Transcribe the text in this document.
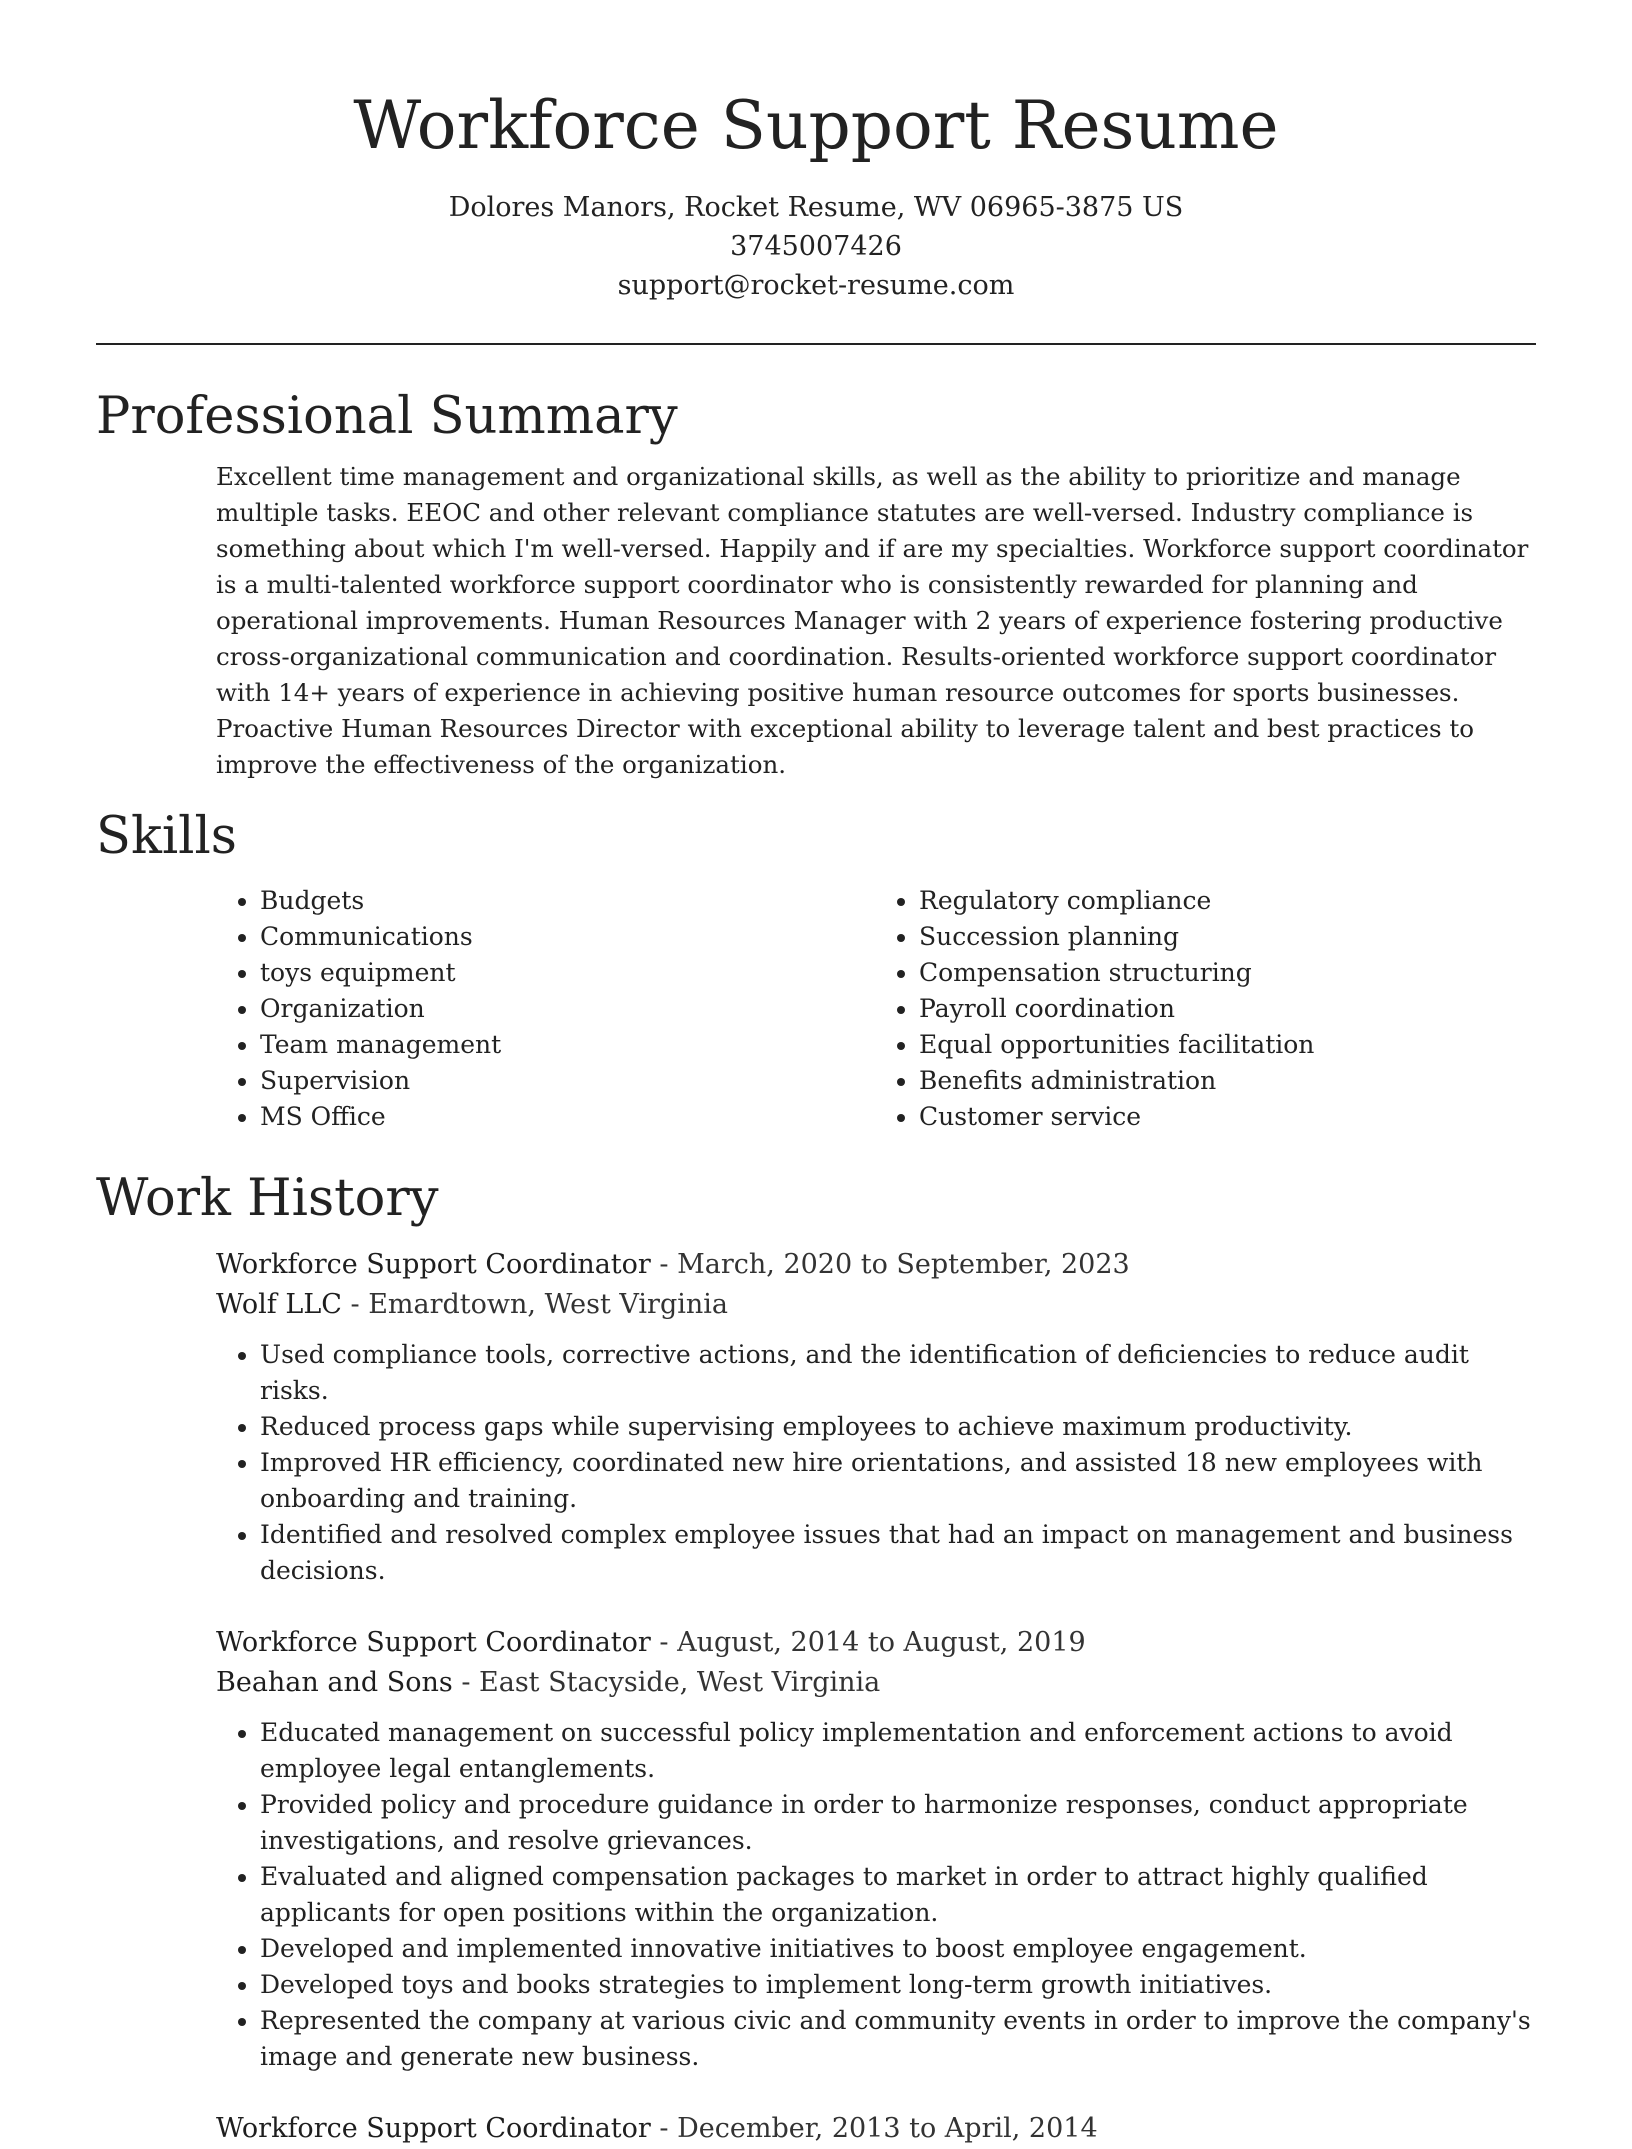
Workforce Support Resume
Dolores Manors, Rocket Resume, WV 06965-3875 US
3745007426
support@rocket-resume.com
Professional Summary
Excellent time management and organizational skills, as well as the ability to prioritize and manage multiple tasks. EEOC and other relevant compliance statutes are well-versed. Industry compliance is something about which I'm well-versed. Happily and if are my specialties. Workforce support coordinator is a multi-talented workforce support coordinator who is consistently rewarded for planning and operational improvements. Human Resources Manager with 2 years of experience fostering productive cross-organizational communication and coordination. Results-oriented workforce support coordinator with 14+ years of experience in achieving positive human resource outcomes for sports businesses. Proactive Human Resources Director with exceptional ability to leverage talent and best practices to improve the effectiveness of the organization.
Skills
• Budgets
• Communications
• toys equipment
• Organization
• Team management
• Supervision
• MS Office
• Regulatory compliance
• Succession planning
• Compensation structuring
• Payroll coordination
• Equal opportunities facilitation
• Benefits administration
• Customer service
Work History
Workforce Support Coordinator - March, 2020 to September, 2023
Wolf LLC - Emardtown, West Virginia
• Used compliance tools, corrective actions, and the identification of deficiencies to reduce audit risks.
• Reduced process gaps while supervising employees to achieve maximum productivity.
• Improved HR efficiency, coordinated new hire orientations, and assisted 18 new employees with onboarding and training.
• Identified and resolved complex employee issues that had an impact on management and business decisions.
Workforce Support Coordinator - August, 2014 to August, 2019
Beahan and Sons - East Stacyside, West Virginia
• Educated management on successful policy implementation and enforcement actions to avoid employee legal entanglements.
• Provided policy and procedure guidance in order to harmonize responses, conduct appropriate investigations, and resolve grievances.
• Evaluated and aligned compensation packages to market in order to attract highly qualified applicants for open positions within the organization.
• Developed and implemented innovative initiatives to boost employee engagement.
• Developed toys and books strategies to implement long-term growth initiatives.
• Represented the company at various civic and community events in order to improve the company's image and generate new business.
Workforce Support Coordinator - December, 2013 to April, 2014
